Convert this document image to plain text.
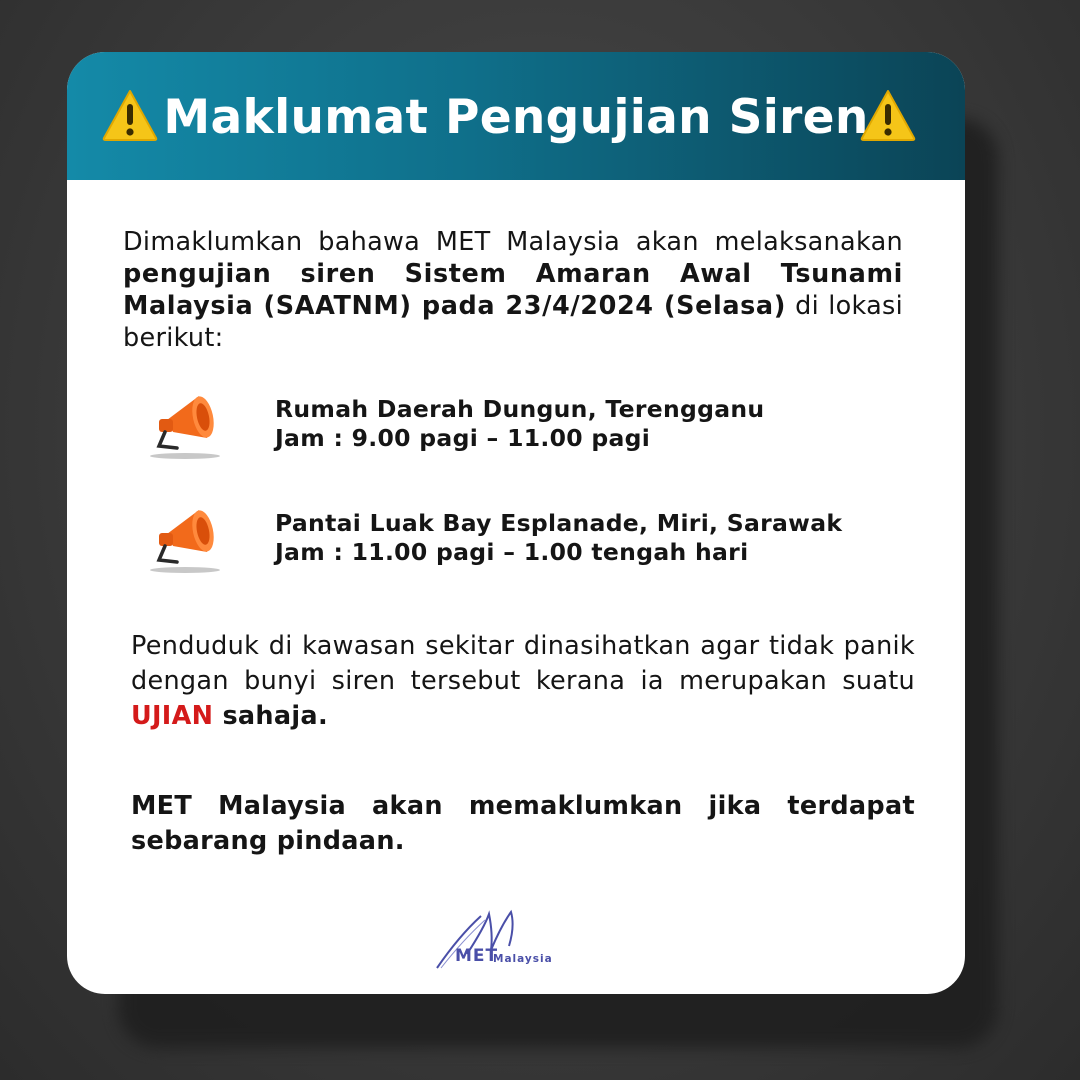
Maklumat Pengujian Siren
Dimaklumkan bahawa MET Malaysia akan melaksanakan pengujian siren Sistem Amaran Awal Tsunami Malaysia (SAATNM) pada 23/4/2024 (Selasa) di lokasi berikut:
Rumah Daerah Dungun, Terengganu
Jam : 9.00 pagi – 11.00 pagi
Pantai Luak Bay Esplanade, Miri, Sarawak
Jam : 11.00 pagi – 1.00 tengah hari
Penduduk di kawasan sekitar dinasihatkan agar tidak panik dengan bunyi siren tersebut kerana ia merupakan suatu UJIAN sahaja.
MET Malaysia akan memaklumkan jika terdapat sebarang pindaan.
MET
Malaysia
